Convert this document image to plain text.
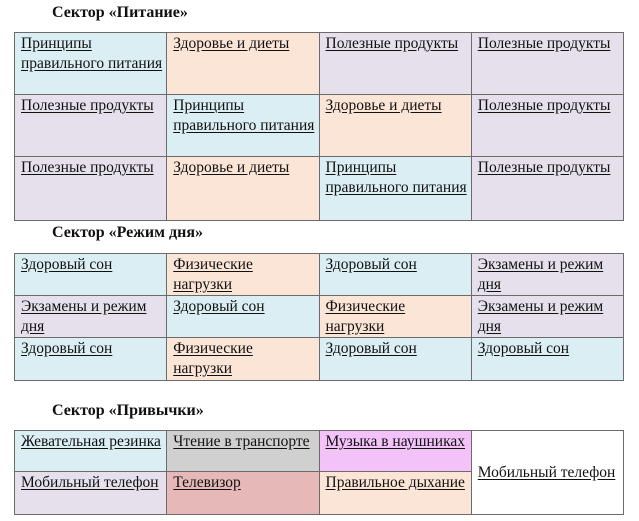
Сектор «Питание»
Принципы правильного питания	Здоровье и диеты	Полезные продукты	Полезные продукты
Полезные продукты	Принципы правильного питания	Здоровье и диеты	Полезные продукты
Полезные продукты	Здоровье и диеты	Принципы правильного питания	Полезные продукты
Сектор «Режим дня»
Здоровый сон	Физические нагрузки	Здоровый сон	Экзамены и режим дня
Экзамены и режим дня	Здоровый сон	Физические нагрузки	Экзамены и режим дня
Здоровый сон	Физические нагрузки	Здоровый сон	Здоровый сон
Сектор «Привычки»
Жевательная резинка	Чтение в транспорте	Музыка в наушниках	Мобильный телефон
Мобильный телефон	Телевизор	Правильное дыхание	
